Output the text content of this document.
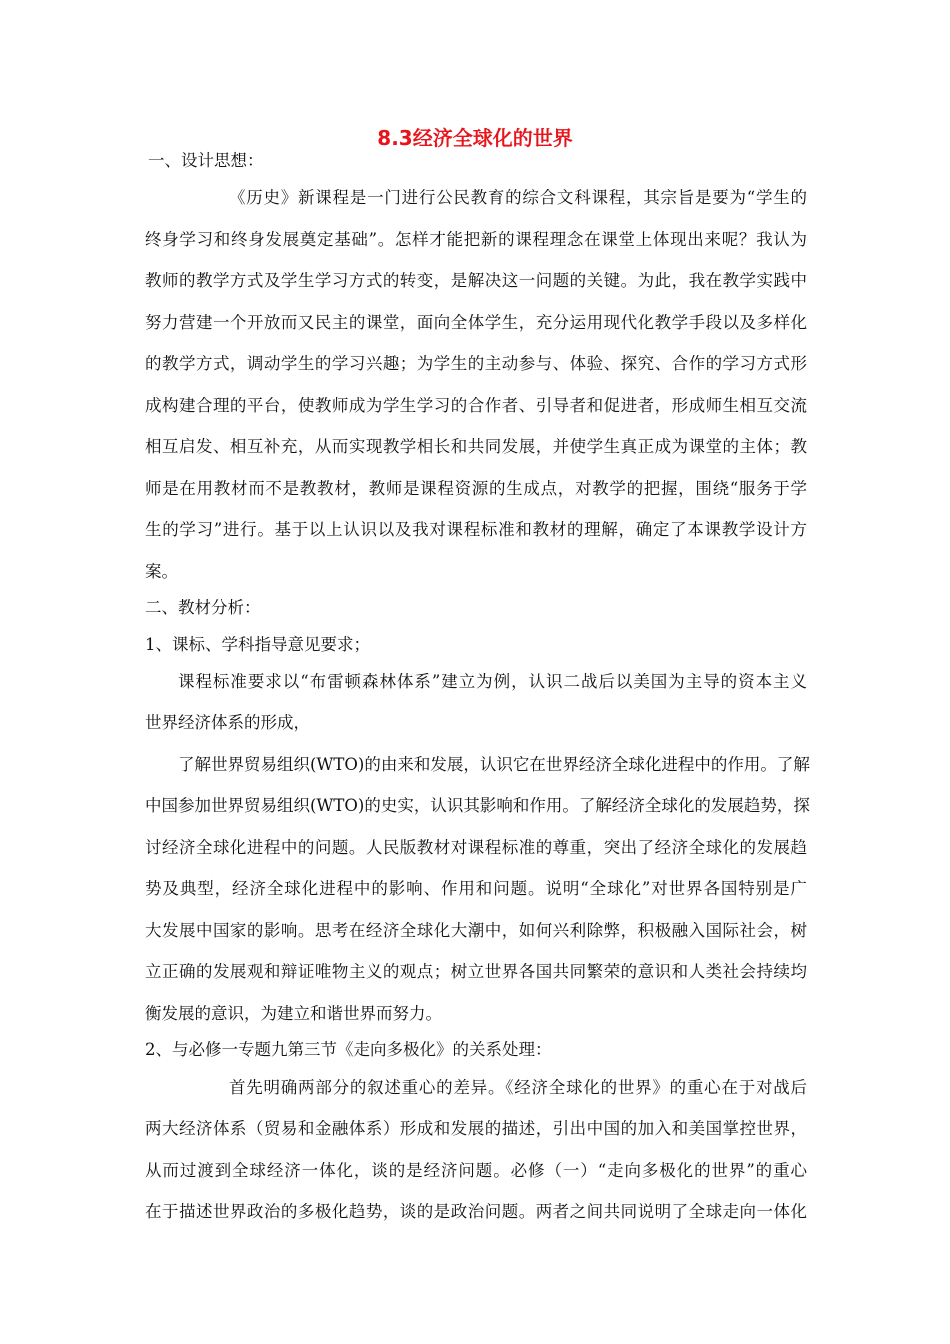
8.3经济全球化的世界
一、设计思想：
《历史》新课程是一门进行公民教育的综合文科课程，其宗旨是要为“学生的
终身学习和终身发展奠定基础”。怎样才能把新的课程理念在课堂上体现出来呢？我认为
教师的教学方式及学生学习方式的转变，是解决这一问题的关键。为此，我在教学实践中
努力营建一个开放而又民主的课堂，面向全体学生，充分运用现代化教学手段以及多样化
的教学方式，调动学生的学习兴趣；为学生的主动参与、体验、探究、合作的学习方式形
成构建合理的平台，使教师成为学生学习的合作者、引导者和促进者，形成师生相互交流
相互启发、相互补充，从而实现教学相长和共同发展，并使学生真正成为课堂的主体；教
师是在用教材而不是教教材，教师是课程资源的生成点，对教学的把握，围绕“服务于学
生的学习”进行。基于以上认识以及我对课程标准和教材的理解，确定了本课教学设计方
案。
二、教材分析：
1、课标、学科指导意见要求；
课程标准要求以“布雷顿森林体系”建立为例，认识二战后以美国为主导的资本主义
世界经济体系的形成，
了解世界贸易组织(WTO)的由来和发展，认识它在世界经济全球化进程中的作用。了解
中国参加世界贸易组织(WTO)的史实，认识其影响和作用。了解经济全球化的发展趋势，探
讨经济全球化进程中的问题。人民版教材对课程标准的尊重，突出了经济全球化的发展趋
势及典型，经济全球化进程中的影响、作用和问题。说明“全球化”对世界各国特别是广
大发展中国家的影响。思考在经济全球化大潮中，如何兴利除弊，积极融入国际社会，树
立正确的发展观和辩证唯物主义的观点；树立世界各国共同繁荣的意识和人类社会持续均
衡发展的意识，为建立和谐世界而努力。
2、与必修一专题九第三节《走向多极化》的关系处理：
首先明确两部分的叙述重心的差异。《经济全球化的世界》的重心在于对战后
两大经济体系（贸易和金融体系）形成和发展的描述，引出中国的加入和美国掌控世界，
从而过渡到全球经济一体化，谈的是经济问题。必修（一）“走向多极化的世界”的重心
在于描述世界政治的多极化趋势，谈的是政治问题。两者之间共同说明了全球走向一体化
